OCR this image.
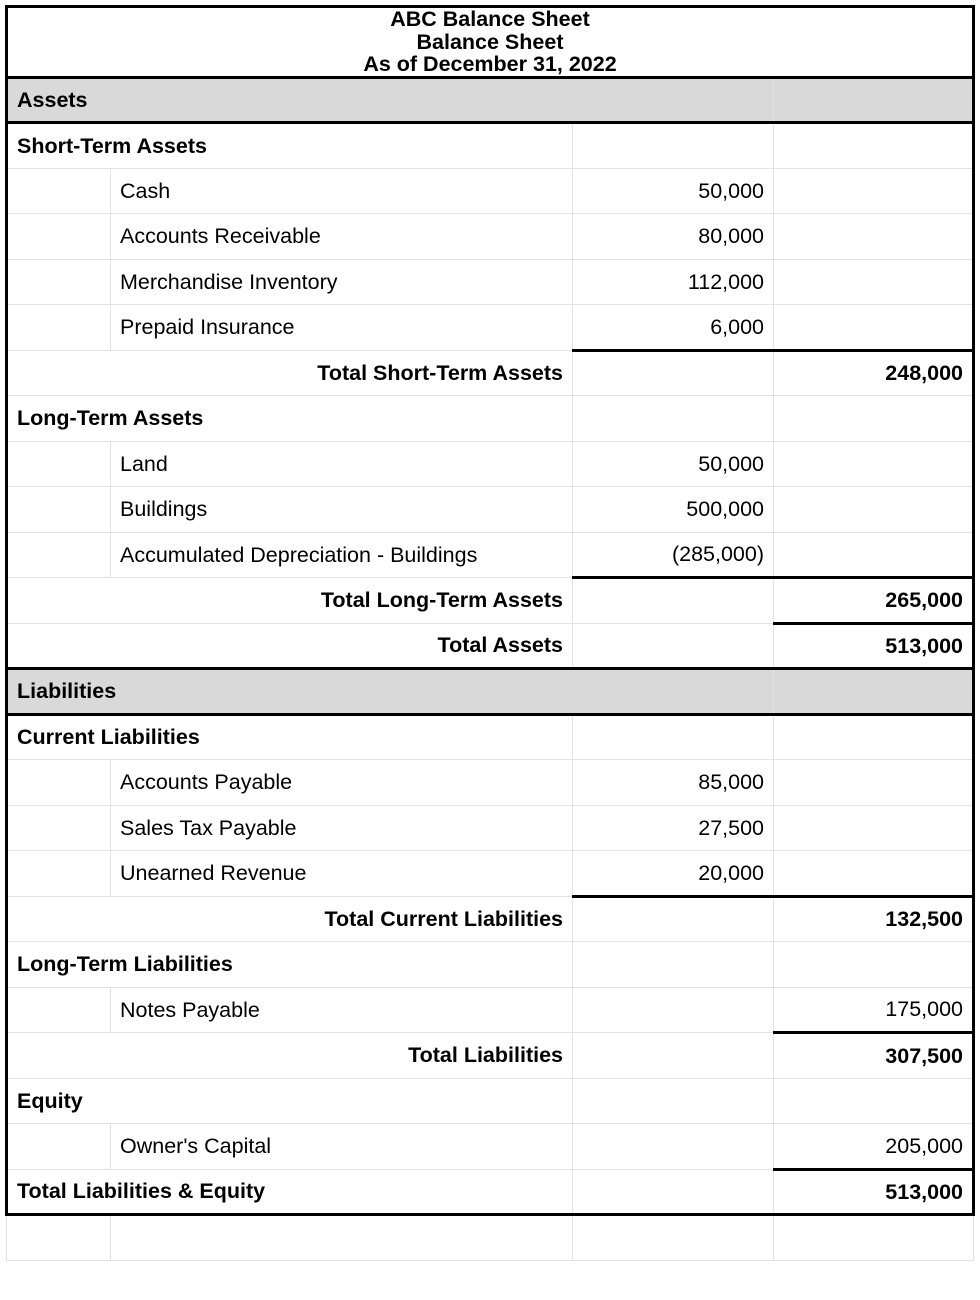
ABC Balance Sheet
Balance Sheet
As of December 31, 2022			

Assets			
Short-Term Assets			
	Cash	50,000	
	Accounts Receivable	80,000	
	Merchandise Inventory	112,000	
	Prepaid Insurance	6,000	
Total Short-Term Assets			248,000
Long-Term Assets			
	Land	50,000	
	Buildings	500,000	
	Accumulated Depreciation - Buildings	(285,000)	
Total Long-Term Assets			265,000
Total Assets			513,000
Liabilities			
Current Liabilities			
	Accounts Payable	85,000	
	Sales Tax Payable	27,500	
	Unearned Revenue	20,000	
Total Current Liabilities			132,500
Long-Term Liabilities			
	Notes Payable		175,000
Total Liabilities			307,500
Equity			
	Owner's Capital		205,000
Total Liabilities & Equity			513,000
